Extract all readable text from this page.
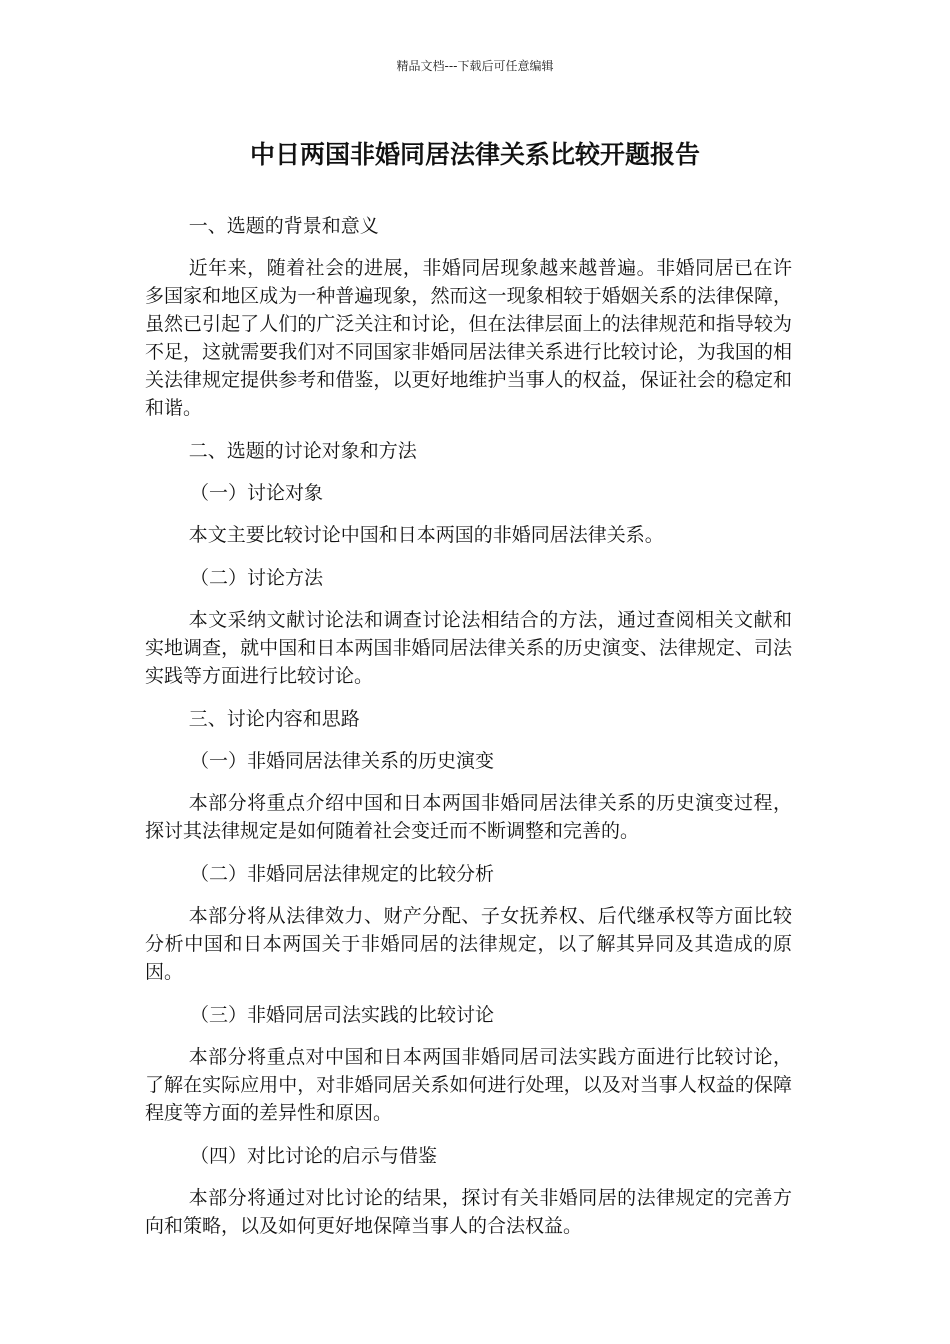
精品文档---下载后可任意编辑
中日两国非婚同居法律关系比较开题报告
一、选题的背景和意义

近年来，随着社会的进展，非婚同居现象越来越普遍。非婚同居已在许多国家和地区成为一种普遍现象，然而这一现象相较于婚姻关系的法律保障，虽然已引起了人们的广泛关注和讨论，但在法律层面上的法律规范和指导较为不足，这就需要我们对不同国家非婚同居法律关系进行比较讨论，为我国的相关法律规定提供参考和借鉴，以更好地维护当事人的权益，保证社会的稳定和和谐。

二、选题的讨论对象和方法
（一）讨论对象

本文主要比较讨论中国和日本两国的非婚同居法律关系。

（二）讨论方法

本文采纳文献讨论法和调查讨论法相结合的方法，通过查阅相关文献和实地调查，就中国和日本两国非婚同居法律关系的历史演变、法律规定、司法实践等方面进行比较讨论。

三、讨论内容和思路
（一）非婚同居法律关系的历史演变

本部分将重点介绍中国和日本两国非婚同居法律关系的历史演变过程，探讨其法律规定是如何随着社会变迁而不断调整和完善的。

（二）非婚同居法律规定的比较分析

本部分将从法律效力、财产分配、子女抚养权、后代继承权等方面比较分析中国和日本两国关于非婚同居的法律规定，以了解其异同及其造成的原因。

（三）非婚同居司法实践的比较讨论

本部分将重点对中国和日本两国非婚同居司法实践方面进行比较讨论，了解在实际应用中，对非婚同居关系如何进行处理，以及对当事人权益的保障程度等方面的差异性和原因。

（四）对比讨论的启示与借鉴

本部分将通过对比讨论的结果，探讨有关非婚同居的法律规定的完善方向和策略，以及如何更好地保障当事人的合法权益。
